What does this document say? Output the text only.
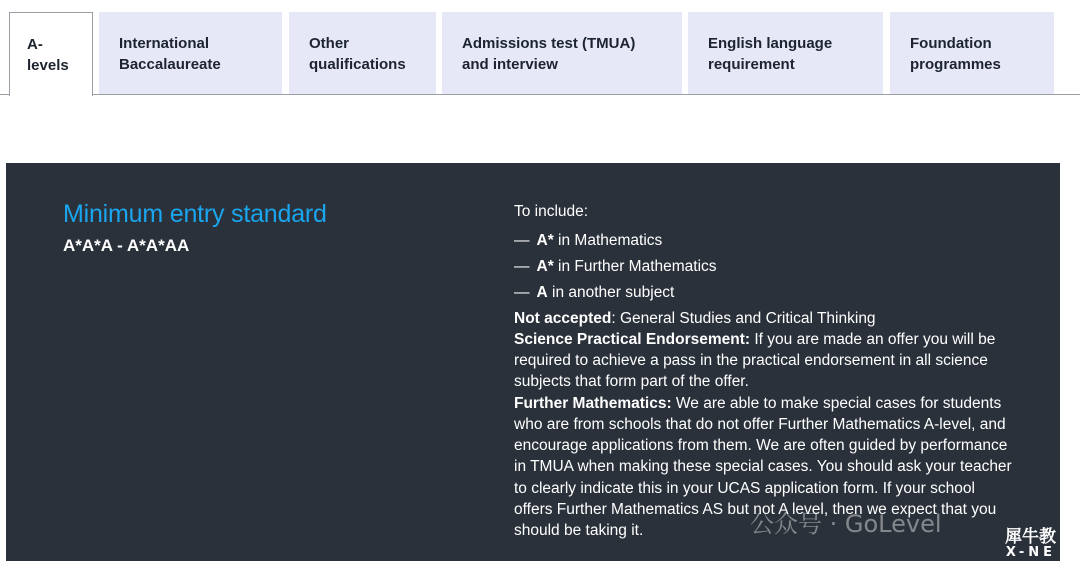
A-
levels
International
Baccalaureate
Other
qualifications
Admissions test (TMUA)
and interview
English language
requirement
Foundation
programmes
Minimum entry standard
A*A*A - A*A*AA

To include:

— A* in Mathematics
— A* in Further Mathematics
— A in another subject

Not accepted: General Studies and Critical Thinking

Science Practical Endorsement: If you are made an offer you will be required to achieve a pass in the practical endorsement in all science subjects that form part of the offer.

Further Mathematics: We are able to make special cases for students who are from schools that do not offer Further Mathematics A-level, and encourage applications from them. We are often guided by performance in TMUA when making these special cases. You should ask your teacher to clearly indicate this in your UCAS application form. If your school offers Further Mathematics AS but not A level, then we expect that you should be taking it.	公众号 · GoLevel	犀牛教
X-NE
